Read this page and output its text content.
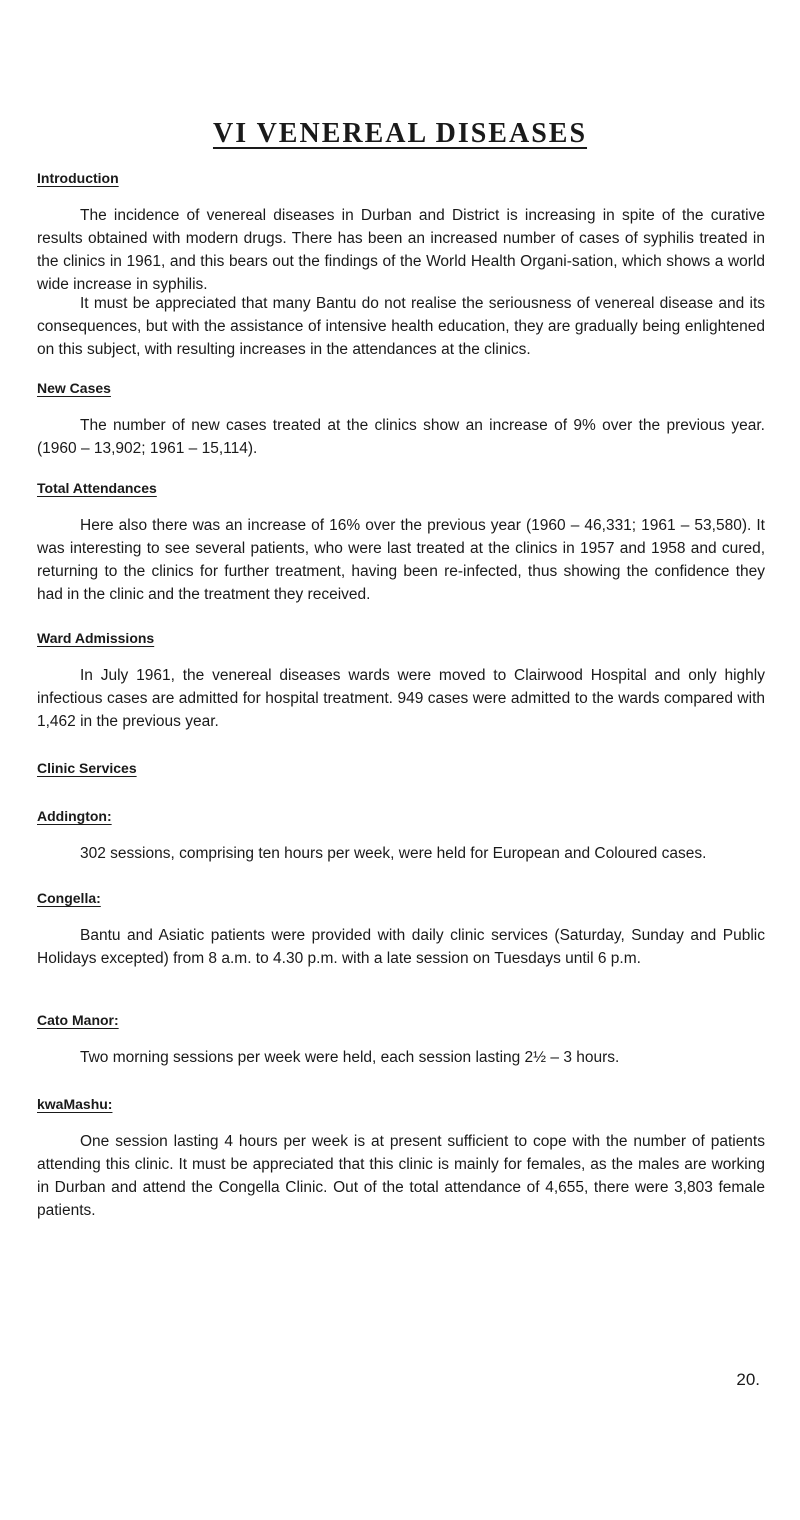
VI VENEREAL DISEASES
Introduction
The incidence of venereal diseases in Durban and District is increasing in spite of the curative results obtained with modern drugs. There has been an increased number of cases of syphilis treated in the clinics in 1961, and this bears out the findings of the World Health Organi-sation, which shows a world wide increase in syphilis.
It must be appreciated that many Bantu do not realise the seriousness of venereal disease and its consequences, but with the assistance of intensive health education, they are gradually being enlightened on this subject, with resulting increases in the attendances at the clinics.
New Cases
The number of new cases treated at the clinics show an increase of 9% over the previous year. (1960 – 13,902; 1961 – 15,114).
Total Attendances
Here also there was an increase of 16% over the previous year (1960 – 46,331; 1961 – 53,580). It was interesting to see several patients, who were last treated at the clinics in 1957 and 1958 and cured, returning to the clinics for further treatment, having been re-infected, thus showing the confidence they had in the clinic and the treatment they received.
Ward Admissions
In July 1961, the venereal diseases wards were moved to Clairwood Hospital and only highly infectious cases are admitted for hospital treatment. 949 cases were admitted to the wards compared with 1,462 in the previous year.
Clinic Services
Addington:
302 sessions, comprising ten hours per week, were held for European and Coloured cases.
Congella:
Bantu and Asiatic patients were provided with daily clinic services (Saturday, Sunday and Public Holidays excepted) from 8 a.m. to 4.30 p.m. with a late session on Tuesdays until 6 p.m.
Cato Manor:
Two morning sessions per week were held, each session lasting 2½ – 3 hours.
kwaMashu:
One session lasting 4 hours per week is at present sufficient to cope with the number of patients attending this clinic. It must be appreciated that this clinic is mainly for females, as the males are working in Durban and attend the Congella Clinic. Out of the total attendance of 4,655, there were 3,803 female patients.
20.
